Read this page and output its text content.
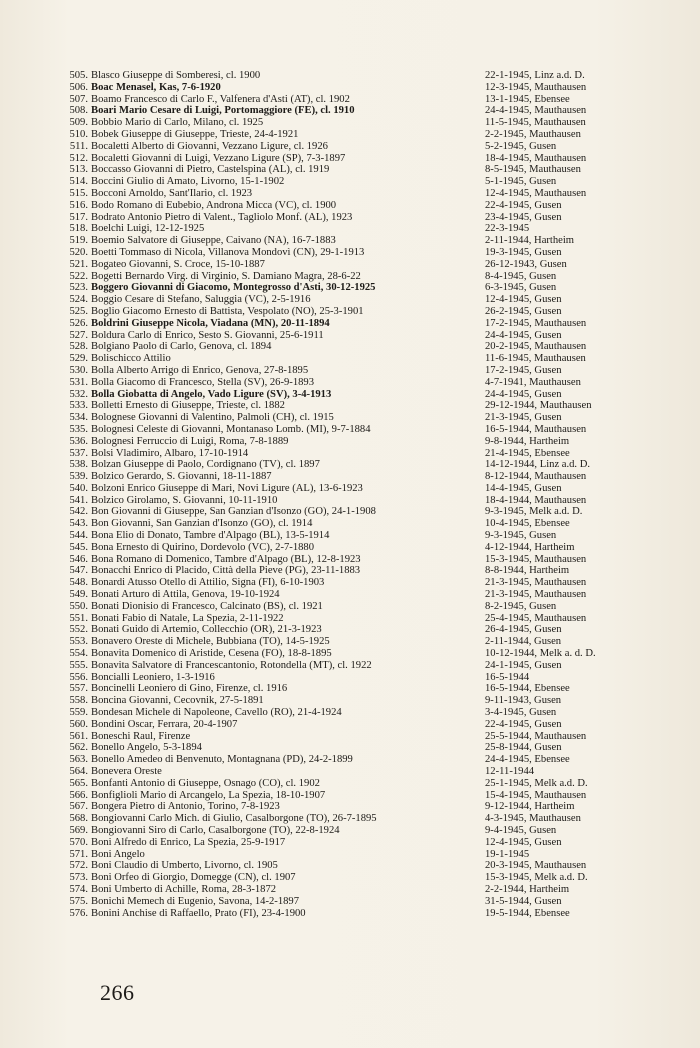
505. Blasco Giuseppe di Somberesi, cl. 1900	22-1-1945, Linz a.d. D.
506. Boac Menasel, Kas, 7-6-1920	12-3-1945, Mauthausen
507. Boamo Francesco di Carlo F., Valfenera d'Asti (AT), cl. 1902	13-1-1945, Ebensee
508. Boari Mario Cesare di Luigi, Portomaggiore (FE), cl. 1910	24-4-1945, Mauthausen
509. Bobbio Mario di Carlo, Milano, cl. 1925	11-5-1945, Mauthausen
510. Bobek Giuseppe di Giuseppe, Trieste, 24-4-1921	2-2-1945, Mauthausen
511. Bocaletti Alberto di Giovanni, Vezzano Ligure, cl. 1926	5-2-1945, Gusen
512. Bocaletti Giovanni di Luigi, Vezzano Ligure (SP), 7-3-1897	18-4-1945, Mauthausen
513. Boccasso Giovanni di Pietro, Castelspina (AL), cl. 1919	8-5-1945, Mauthausen
514. Boccini Giulio di Amato, Livorno, 15-1-1902	5-1-1945, Gusen
515. Bocconi Arnoldo, Sant'Ilario, cl. 1923	12-4-1945, Mauthausen
516. Bodo Romano di Eubebio, Androna Micca (VC), cl. 1900	22-4-1945, Gusen
517. Bodrato Antonio Pietro di Valent., Tagliolo Monf. (AL), 1923	23-4-1945, Gusen
518. Boelchi Luigi, 12-12-1925	22-3-1945
519. Boemio Salvatore di Giuseppe, Caivano (NA), 16-7-1883	2-11-1944, Hartheim
520. Boetti Tommaso di Nicola, Villanova Mondovì (CN), 29-1-1913	19-3-1945, Gusen
521. Bogateo Giovanni, S. Croce, 15-10-1887	26-12-1943, Gusen
522. Bogetti Bernardo Virg. di Virginio, S. Damiano Magra, 28-6-22	8-4-1945, Gusen
523. Boggero Giovanni di Giacomo, Montegrosso d'Asti, 30-12-1925	6-3-1945, Gusen
524. Boggio Cesare di Stefano, Saluggia (VC), 2-5-1916	12-4-1945, Gusen
525. Boglio Giacomo Ernesto di Battista, Vespolato (NO), 25-3-1901	26-2-1945, Gusen
526. Boldrini Giuseppe Nicola, Viadana (MN), 20-11-1894	17-2-1945, Mauthausen
527. Boldura Carlo di Enrico, Sesto S. Giovanni, 25-6-1911	24-4-1945, Gusen
528. Bolgiano Paolo di Carlo, Genova, cl. 1894	20-2-1945, Mauthausen
529. Bolischicco Attilio	11-6-1945, Mauthausen
530. Bolla Alberto Arrigo di Enrico, Genova, 27-8-1895	17-2-1945, Gusen
531. Bolla Giacomo di Francesco, Stella (SV), 26-9-1893	4-7-1941, Mauthausen
532. Bolla Giobatta di Angelo, Vado Ligure (SV), 3-4-1913	24-4-1945, Gusen
533. Bolletti Ernesto di Giuseppe, Trieste, cl. 1882	29-12-1944, Mauthausen
534. Bolognese Giovanni di Valentino, Palmoli (CH), cl. 1915	21-3-1945, Gusen
535. Bolognesi Celeste di Giovanni, Montanaso Lomb. (MI), 9-7-1884	16-5-1944, Mauthausen
536. Bolognesi Ferruccio di Luigi, Roma, 7-8-1889	9-8-1944, Hartheim
537. Bolsi Vladimiro, Albaro, 17-10-1914	21-4-1945, Ebensee
538. Bolzan Giuseppe di Paolo, Cordignano (TV), cl. 1897	14-12-1944, Linz a.d. D.
539. Bolzico Gerardo, S. Giovanni, 18-11-1887	8-12-1944, Mauthausen
540. Bolzoni Enrico Giuseppe di Mari, Novi Ligure (AL), 13-6-1923	14-4-1945, Gusen
541. Bolzico Girolamo, S. Giovanni, 10-11-1910	18-4-1944, Mauthausen
542. Bon Giovanni di Giuseppe, San Ganzian d'Isonzo (GO), 24-1-1908	9-3-1945, Melk a.d. D.
543. Bon Giovanni, San Ganzian d'Isonzo (GO), cl. 1914	10-4-1945, Ebensee
544. Bona Elio di Donato, Tambre d'Alpago (BL), 13-5-1914	9-3-1945, Gusen
545. Bona Ernesto di Quirino, Dordevolo (VC), 2-7-1880	4-12-1944, Hartheim
546. Bona Romano di Domenico, Tambre d'Alpago (BL), 12-8-1923	15-3-1945, Mauthausen
547. Bonacchi Enrico di Placido, Città della Pieve (PG), 23-11-1883	8-8-1944, Hartheim
548. Bonardi Atusso Otello di Attilio, Signa (FI), 6-10-1903	21-3-1945, Mauthausen
549. Bonati Arturo di Attila, Genova, 19-10-1924	21-3-1945, Mauthausen
550. Bonati Dionisio di Francesco, Calcinato (BS), cl. 1921	8-2-1945, Gusen
551. Bonati Fabio di Natale, La Spezia, 2-11-1922	25-4-1945, Mauthausen
552. Bonati Guido di Artemio, Collecchio (OR), 21-3-1923	26-4-1945, Gusen
553. Bonavero Oreste di Michele, Bubbiana (TO), 14-5-1925	2-11-1944, Gusen
554. Bonavita Domenico di Aristide, Cesena (FO), 18-8-1895	10-12-1944, Melk a. d. D.
555. Bonavita Salvatore di Francescantonio, Rotondella (MT), cl. 1922	24-1-1945, Gusen
556. Boncialli Leoniero, 1-3-1916	16-5-1944
557. Boncinelli Leoniero di Gino, Firenze, cl. 1916	16-5-1944, Ebensee
558. Boncina Giovanni, Cecovnik, 27-5-1891	9-11-1943, Gusen
559. Bondesan Michele di Napoleone, Cavello (RO), 21-4-1924	3-4-1945, Gusen
560. Bondini Oscar, Ferrara, 20-4-1907	22-4-1945, Gusen
561. Boneschi Raul, Firenze	25-5-1944, Mauthausen
562. Bonello Angelo, 5-3-1894	25-8-1944, Gusen
563. Bonello Amedeo di Benvenuto, Montagnana (PD), 24-2-1899	24-4-1945, Ebensee
564. Bonevera Oreste	12-11-1944
565. Bonfanti Antonio di Giuseppe, Osnago (CO), cl. 1902	25-1-1945, Melk a.d. D.
566. Bonfiglioli Mario di Arcangelo, La Spezia, 18-10-1907	15-4-1945, Mauthausen
567. Bongera Pietro di Antonio, Torino, 7-8-1923	9-12-1944, Hartheim
568. Bongiovanni Carlo Mich. di Giulio, Casalborgone (TO), 26-7-1895	4-3-1945, Mauthausen
569. Bongiovanni Siro di Carlo, Casalborgone (TO), 22-8-1924	9-4-1945, Gusen
570. Boni Alfredo di Enrico, La Spezia, 25-9-1917	12-4-1945, Gusen
571. Boni Angelo	19-1-1945
572. Boni Claudio di Umberto, Livorno, cl. 1905	20-3-1945, Mauthausen
573. Boni Orfeo di Giorgio, Domegge (CN), cl. 1907	15-3-1945, Melk a.d. D.
574. Boni Umberto di Achille, Roma, 28-3-1872	2-2-1944, Hartheim
575. Bonichi Memech di Eugenio, Savona, 14-2-1897	31-5-1944, Gusen
576. Bonini Anchise di Raffaello, Prato (FI), 23-4-1900	19-5-1944, Ebensee
266
